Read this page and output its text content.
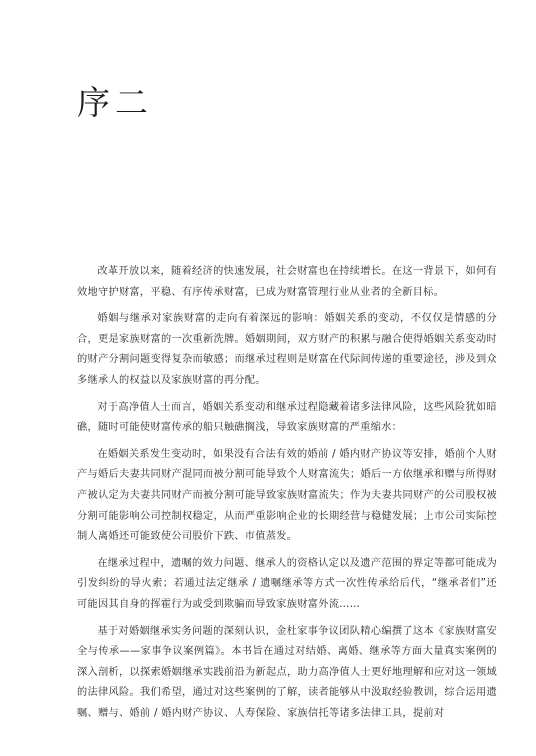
序二

改革开放以来，随着经济的快速发展，社会财富也在持续增长。在这一背景下，如何有效地守护财富，平稳、有序传承财富，已成为财富管理行业从业者的全新目标。

婚姻与继承对家族财富的走向有着深远的影响：婚姻关系的变动，不仅仅是情感的分合，更是家族财富的一次重新洗牌。婚姻期间，双方财产的积累与融合使得婚姻关系变动时的财产分割问题变得复杂而敏感；而继承过程则是财富在代际间传递的重要途径，涉及到众多继承人的权益以及家族财富的再分配。

对于高净值人士而言，婚姻关系变动和继承过程隐藏着诸多法律风险，这些风险犹如暗礁，随时可能使财富传承的船只触礁搁浅，导致家族财富的严重缩水：

在婚姻关系发生变动时，如果没有合法有效的婚前 / 婚内财产协议等安排，婚前个人财产与婚后夫妻共同财产混同而被分割可能导致个人财富流失；婚后一方依继承和赠与所得财产被认定为夫妻共同财产而被分割可能导致家族财富流失；作为夫妻共同财产的公司股权被分割可能影响公司控制权稳定，从而严重影响企业的长期经营与稳健发展；上市公司实际控制人离婚还可能致使公司股价下跌、市值蒸发。

在继承过程中，遗嘱的效力问题、继承人的资格认定以及遗产范围的界定等都可能成为引发纠纷的导火索；若通过法定继承 / 遗嘱继承等方式一次性传承给后代，“继承者们”还可能因其自身的挥霍行为或受到欺骗而导致家族财富外流……

基于对婚姻继承实务问题的深刻认识，金杜家事争议团队精心编撰了这本《家族财富安全与传承——家事争议案例篇》。本书旨在通过对结婚、离婚、继承等方面大量真实案例的深入剖析，以探索婚姻继承实践前沿为新起点，助力高净值人士更好地理解和应对这一领域的法律风险。我们希望，通过对这些案例的了解，读者能够从中汲取经验教训，综合运用遗嘱、赠与、婚前 / 婚内财产协议、人寿保险、家族信托等诸多法律工具，提前对
